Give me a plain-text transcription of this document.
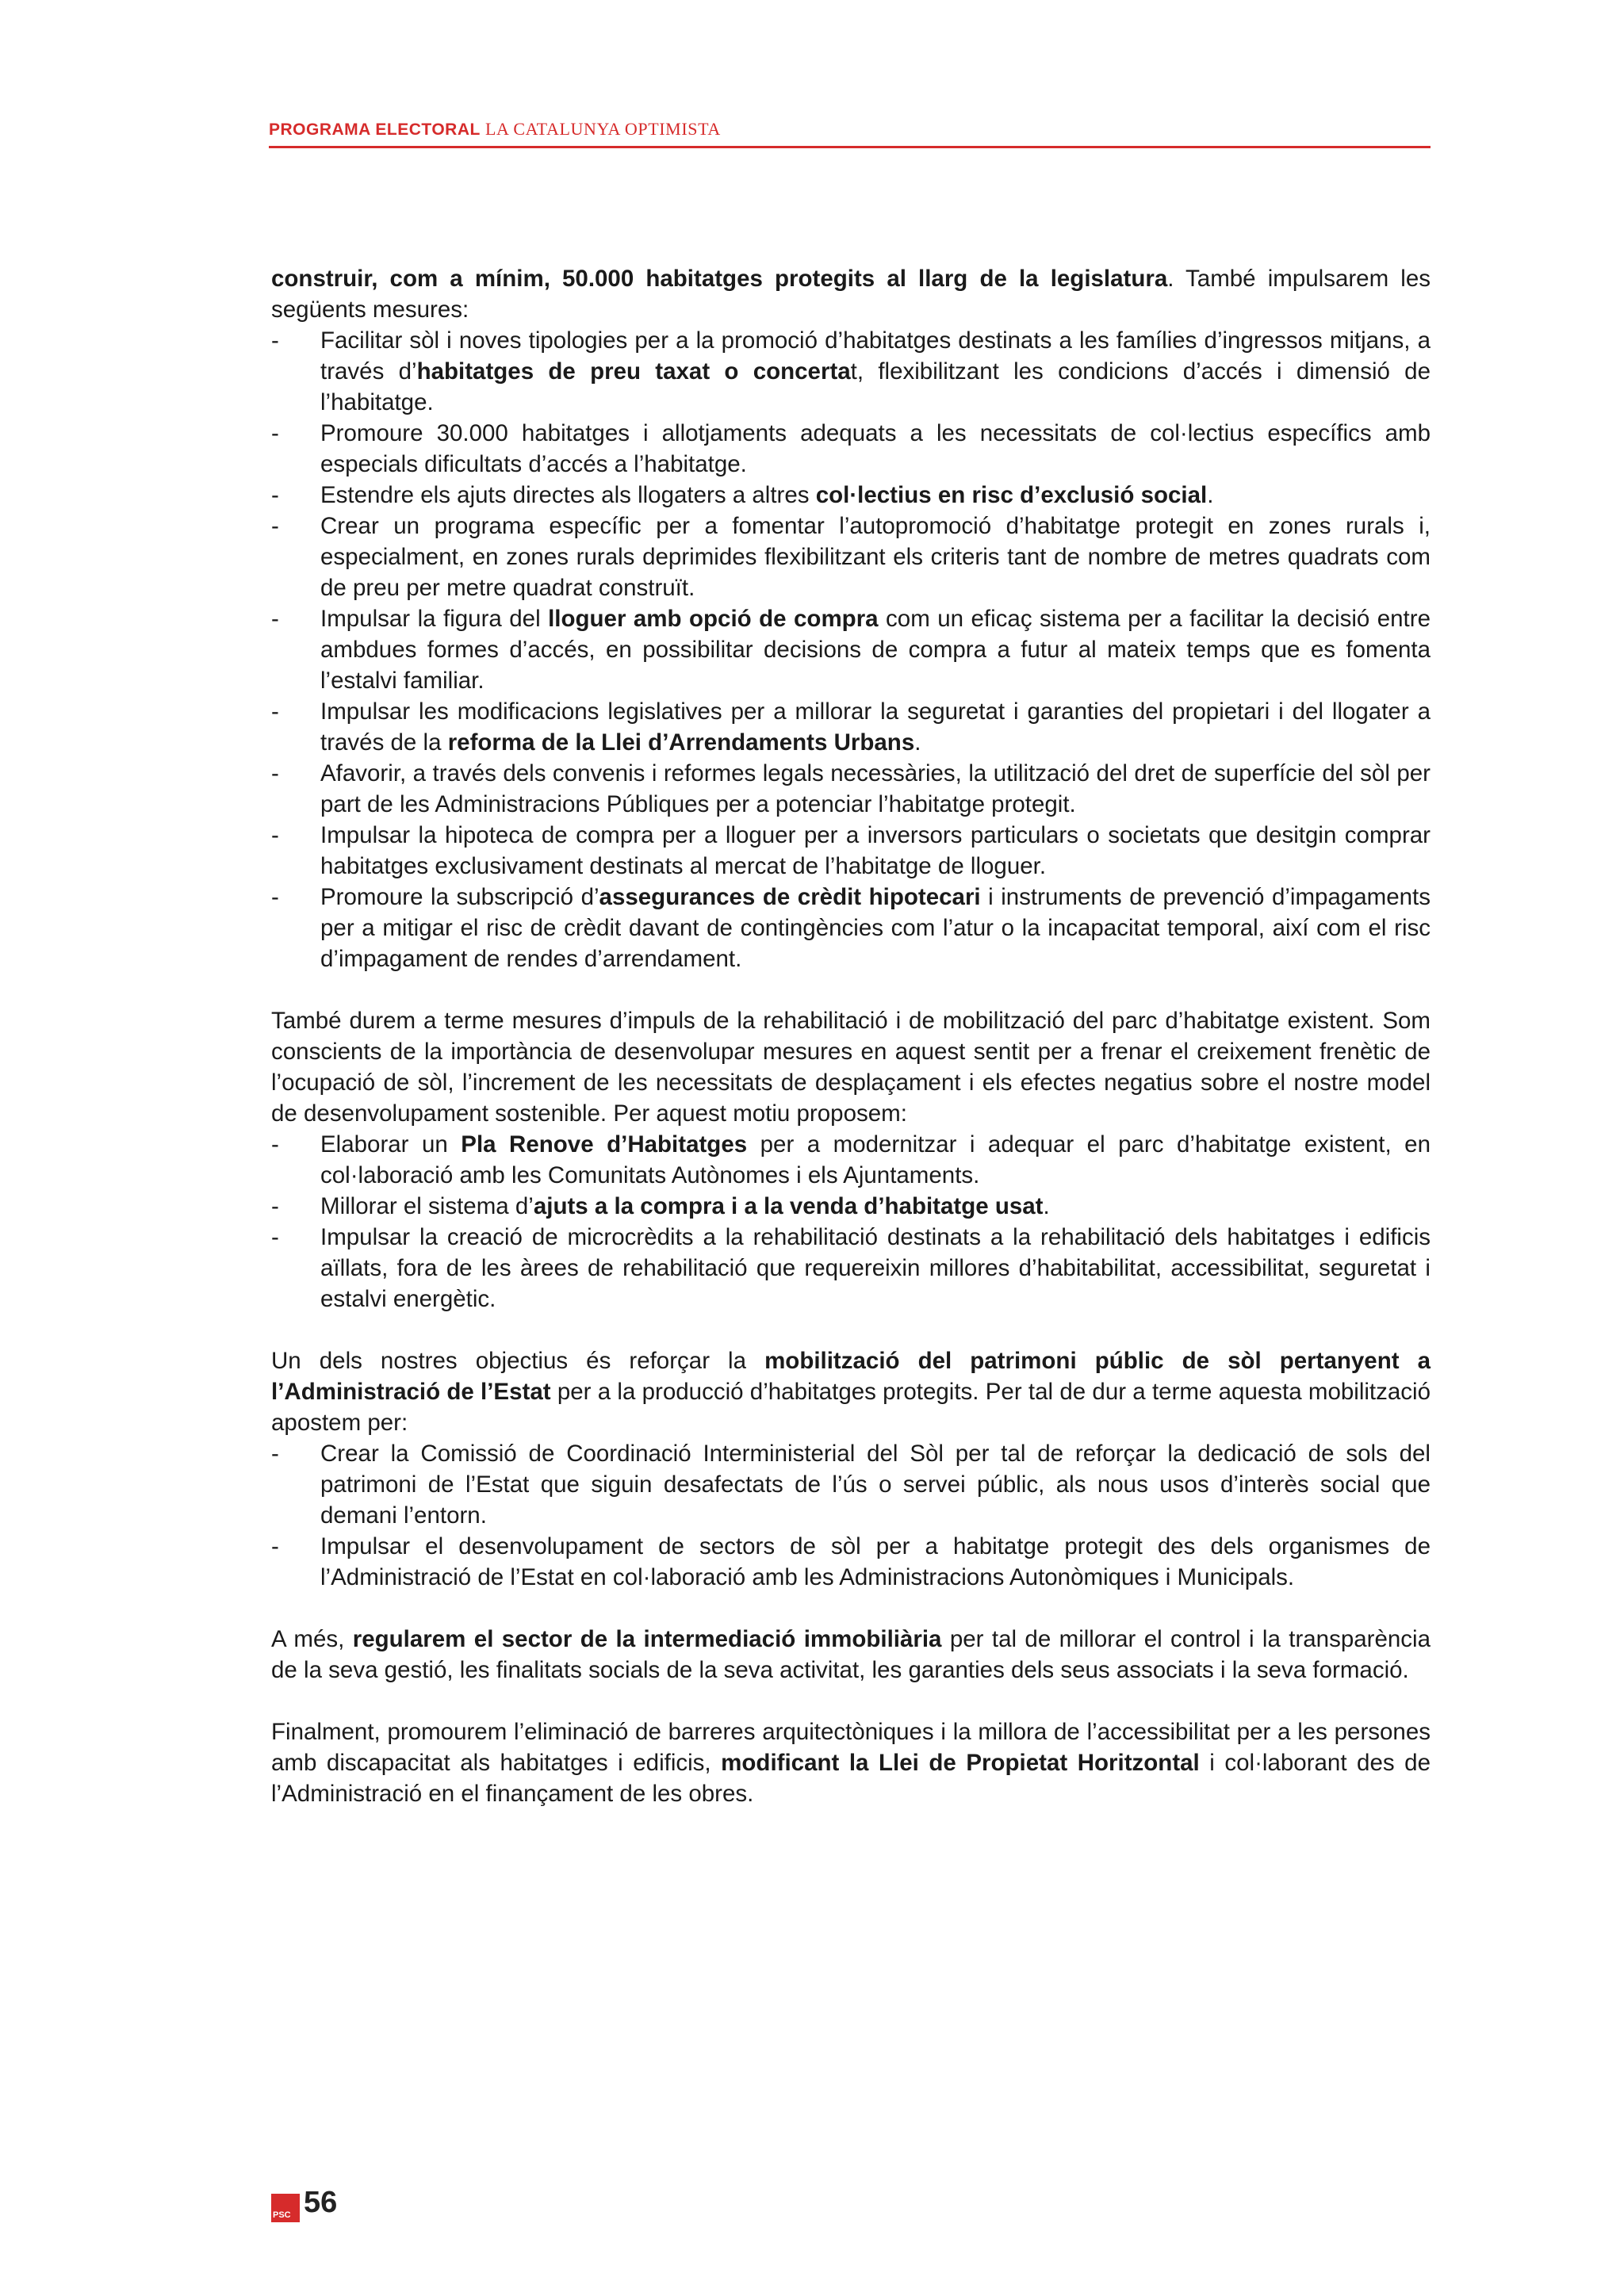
PROGRAMA ELECTORAL LA CATALUNYA OPTIMISTA

construir, com a mínim, 50.000 habitatges protegits al llarg de la legislatura. També impulsarem les següents mesures:

- Facilitar sòl i noves tipologies per a la promoció d’habitatges destinats a les famílies d’ingressos mitjans, a través d’habitatges de preu taxat o concertat, flexibilitzant les condicions d’accés i dimensió de l’habitatge.
- Promoure 30.000 habitatges i allotjaments adequats a les necessitats de col·lectius específics amb especials dificultats d’accés a l’habitatge.
- Estendre els ajuts directes als llogaters a altres col·lectius en risc d’exclusió social.
- Crear un programa específic per a fomentar l’autopromoció d’habitatge protegit en zones rurals i, especialment, en zones rurals deprimides flexibilitzant els criteris tant de nombre de metres quadrats com de preu per metre quadrat construït.
- Impulsar la figura del lloguer amb opció de compra com un eficaç sistema per a facilitar la decisió entre ambdues formes d’accés, en possibilitar decisions de compra a futur al mateix temps que es fomenta l’estalvi familiar.
- Impulsar les modificacions legislatives per a millorar la seguretat i garanties del propietari i del llogater a través de la reforma de la Llei d’Arrendaments Urbans.
- Afavorir, a través dels convenis i reformes legals necessàries, la utilització del dret de superfície del sòl per part de les Administracions Públiques per a potenciar l’habitatge protegit.
- Impulsar la hipoteca de compra per a lloguer per a inversors particulars o societats que desitgin comprar habitatges exclusivament destinats al mercat de l’habitatge de lloguer.
- Promoure la subscripció d’assegurances de crèdit hipotecari i instruments de prevenció d’impagaments per a mitigar el risc de crèdit davant de contingències com l’atur o la incapacitat temporal, així com el risc d’impagament de rendes d’arrendament.

També durem a terme mesures d’impuls de la rehabilitació i de mobilització del parc d’habitatge existent. Som conscients de la importància de desenvolupar mesures en aquest sentit per a frenar el creixement frenètic de l’ocupació de sòl, l’increment de les necessitats de desplaçament i els efectes negatius sobre el nostre model de desenvolupament sostenible. Per aquest motiu proposem:

- Elaborar un Pla Renove d’Habitatges per a modernitzar i adequar el parc d’habitatge existent, en col·laboració amb les Comunitats Autònomes i els Ajuntaments.
- Millorar el sistema d’ajuts a la compra i a la venda d’habitatge usat.
- Impulsar la creació de microcrèdits a la rehabilitació destinats a la rehabilitació dels habitatges i edificis aïllats, fora de les àrees de rehabilitació que requereixin millores d’habitabilitat, accessibilitat, seguretat i estalvi energètic.

Un dels nostres objectius és reforçar la mobilització del patrimoni públic de sòl pertanyent a l’Administració de l’Estat per a la producció d’habitatges protegits. Per tal de dur a terme aquesta mobilització apostem per:

- Crear la Comissió de Coordinació Interministerial del Sòl per tal de reforçar la dedicació de sols del patrimoni de l’Estat que siguin desafectats de l’ús o servei públic, als nous usos d’interès social que demani l’entorn.
- Impulsar el desenvolupament de sectors de sòl per a habitatge protegit des dels organismes de l’Administració de l’Estat en col·laboració amb les Administracions Autonòmiques i Municipals.

A més, regularem el sector de la intermediació immobiliària per tal de millorar el control i la transparència de la seva gestió, les finalitats socials de la seva activitat, les garanties dels seus associats i la seva formació.

Finalment, promourem l’eliminació de barreres arquitectòniques i la millora de l’accessibilitat per a les persones amb discapacitat als habitatges i edificis, modificant la Llei de Propietat Horitzontal i col·laborant des de l’Administració en el finançament de les obres.

PSC 56
